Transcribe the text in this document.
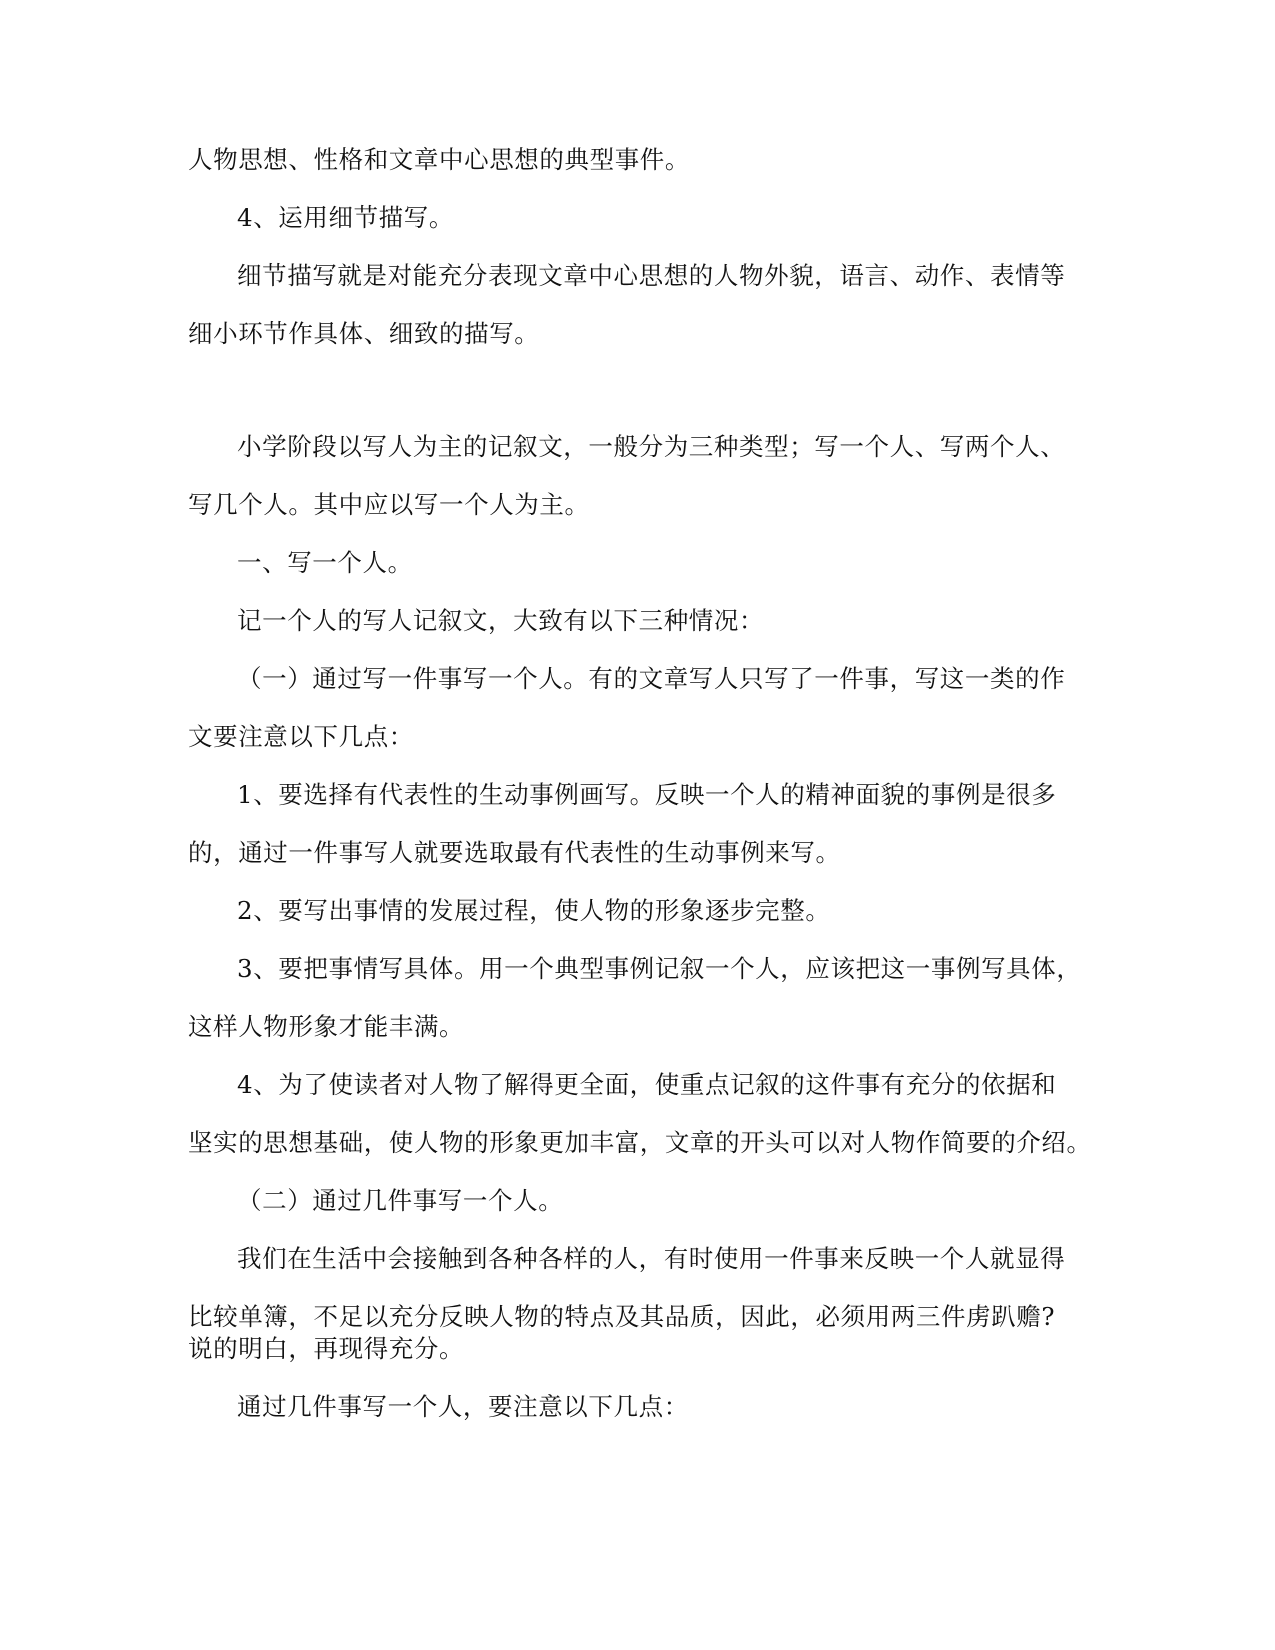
人物思想、性格和文章中心思想的典型事件。
4、运用细节描写。
细节描写就是对能充分表现文章中心思想的人物外貌，语言、动作、表情等
细小环节作具体、细致的描写。
小学阶段以写人为主的记叙文，一般分为三种类型；写一个人、写两个人、
写几个人。其中应以写一个人为主。
一、写一个人。
记一个人的写人记叙文，大致有以下三种情况：
（一）通过写一件事写一个人。有的文章写人只写了一件事，写这一类的作
文要注意以下几点：
1、要选择有代表性的生动事例画写。反映一个人的精神面貌的事例是很多
的，通过一件事写人就要选取最有代表性的生动事例来写。
2、要写出事情的发展过程，使人物的形象逐步完整。
3、要把事情写具体。用一个典型事例记叙一个人，应该把这一事例写具体，
这样人物形象才能丰满。
4、为了使读者对人物了解得更全面，使重点记叙的这件事有充分的依据和
坚实的思想基础，使人物的形象更加丰富，文章的开头可以对人物作简要的介绍。
（二）通过几件事写一个人。
我们在生活中会接触到各种各样的人，有时使用一件事来反映一个人就显得
比较单簿，不足以充分反映人物的特点及其品质，因此，必须用两三件虏趴赡?
说的明白，再现得充分。
通过几件事写一个人，要注意以下几点：
